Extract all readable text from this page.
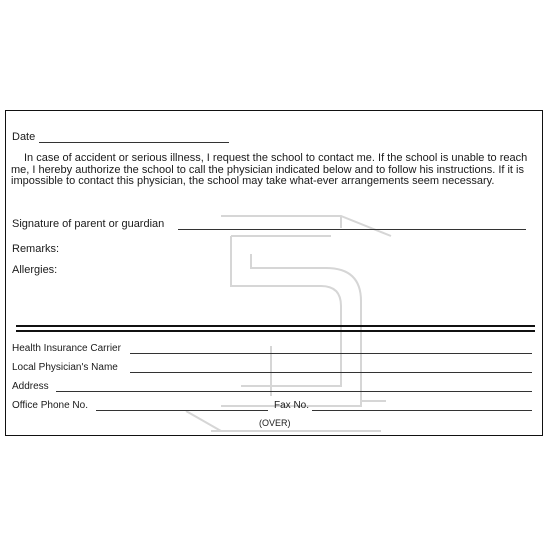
Date
In case of accident or serious illness, I request the school to contact me. If the school is unable to reach me, I hereby authorize the school to call the physician indicated below and to follow his instructions. If it is impossible to contact this physician, the school may take what-ever arrangements seem necessary.
Signature of parent or guardian
Remarks:
Allergies:
Health Insurance Carrier
Local Physician's Name
Address
Office Phone No.	Fax No.
(OVER)
